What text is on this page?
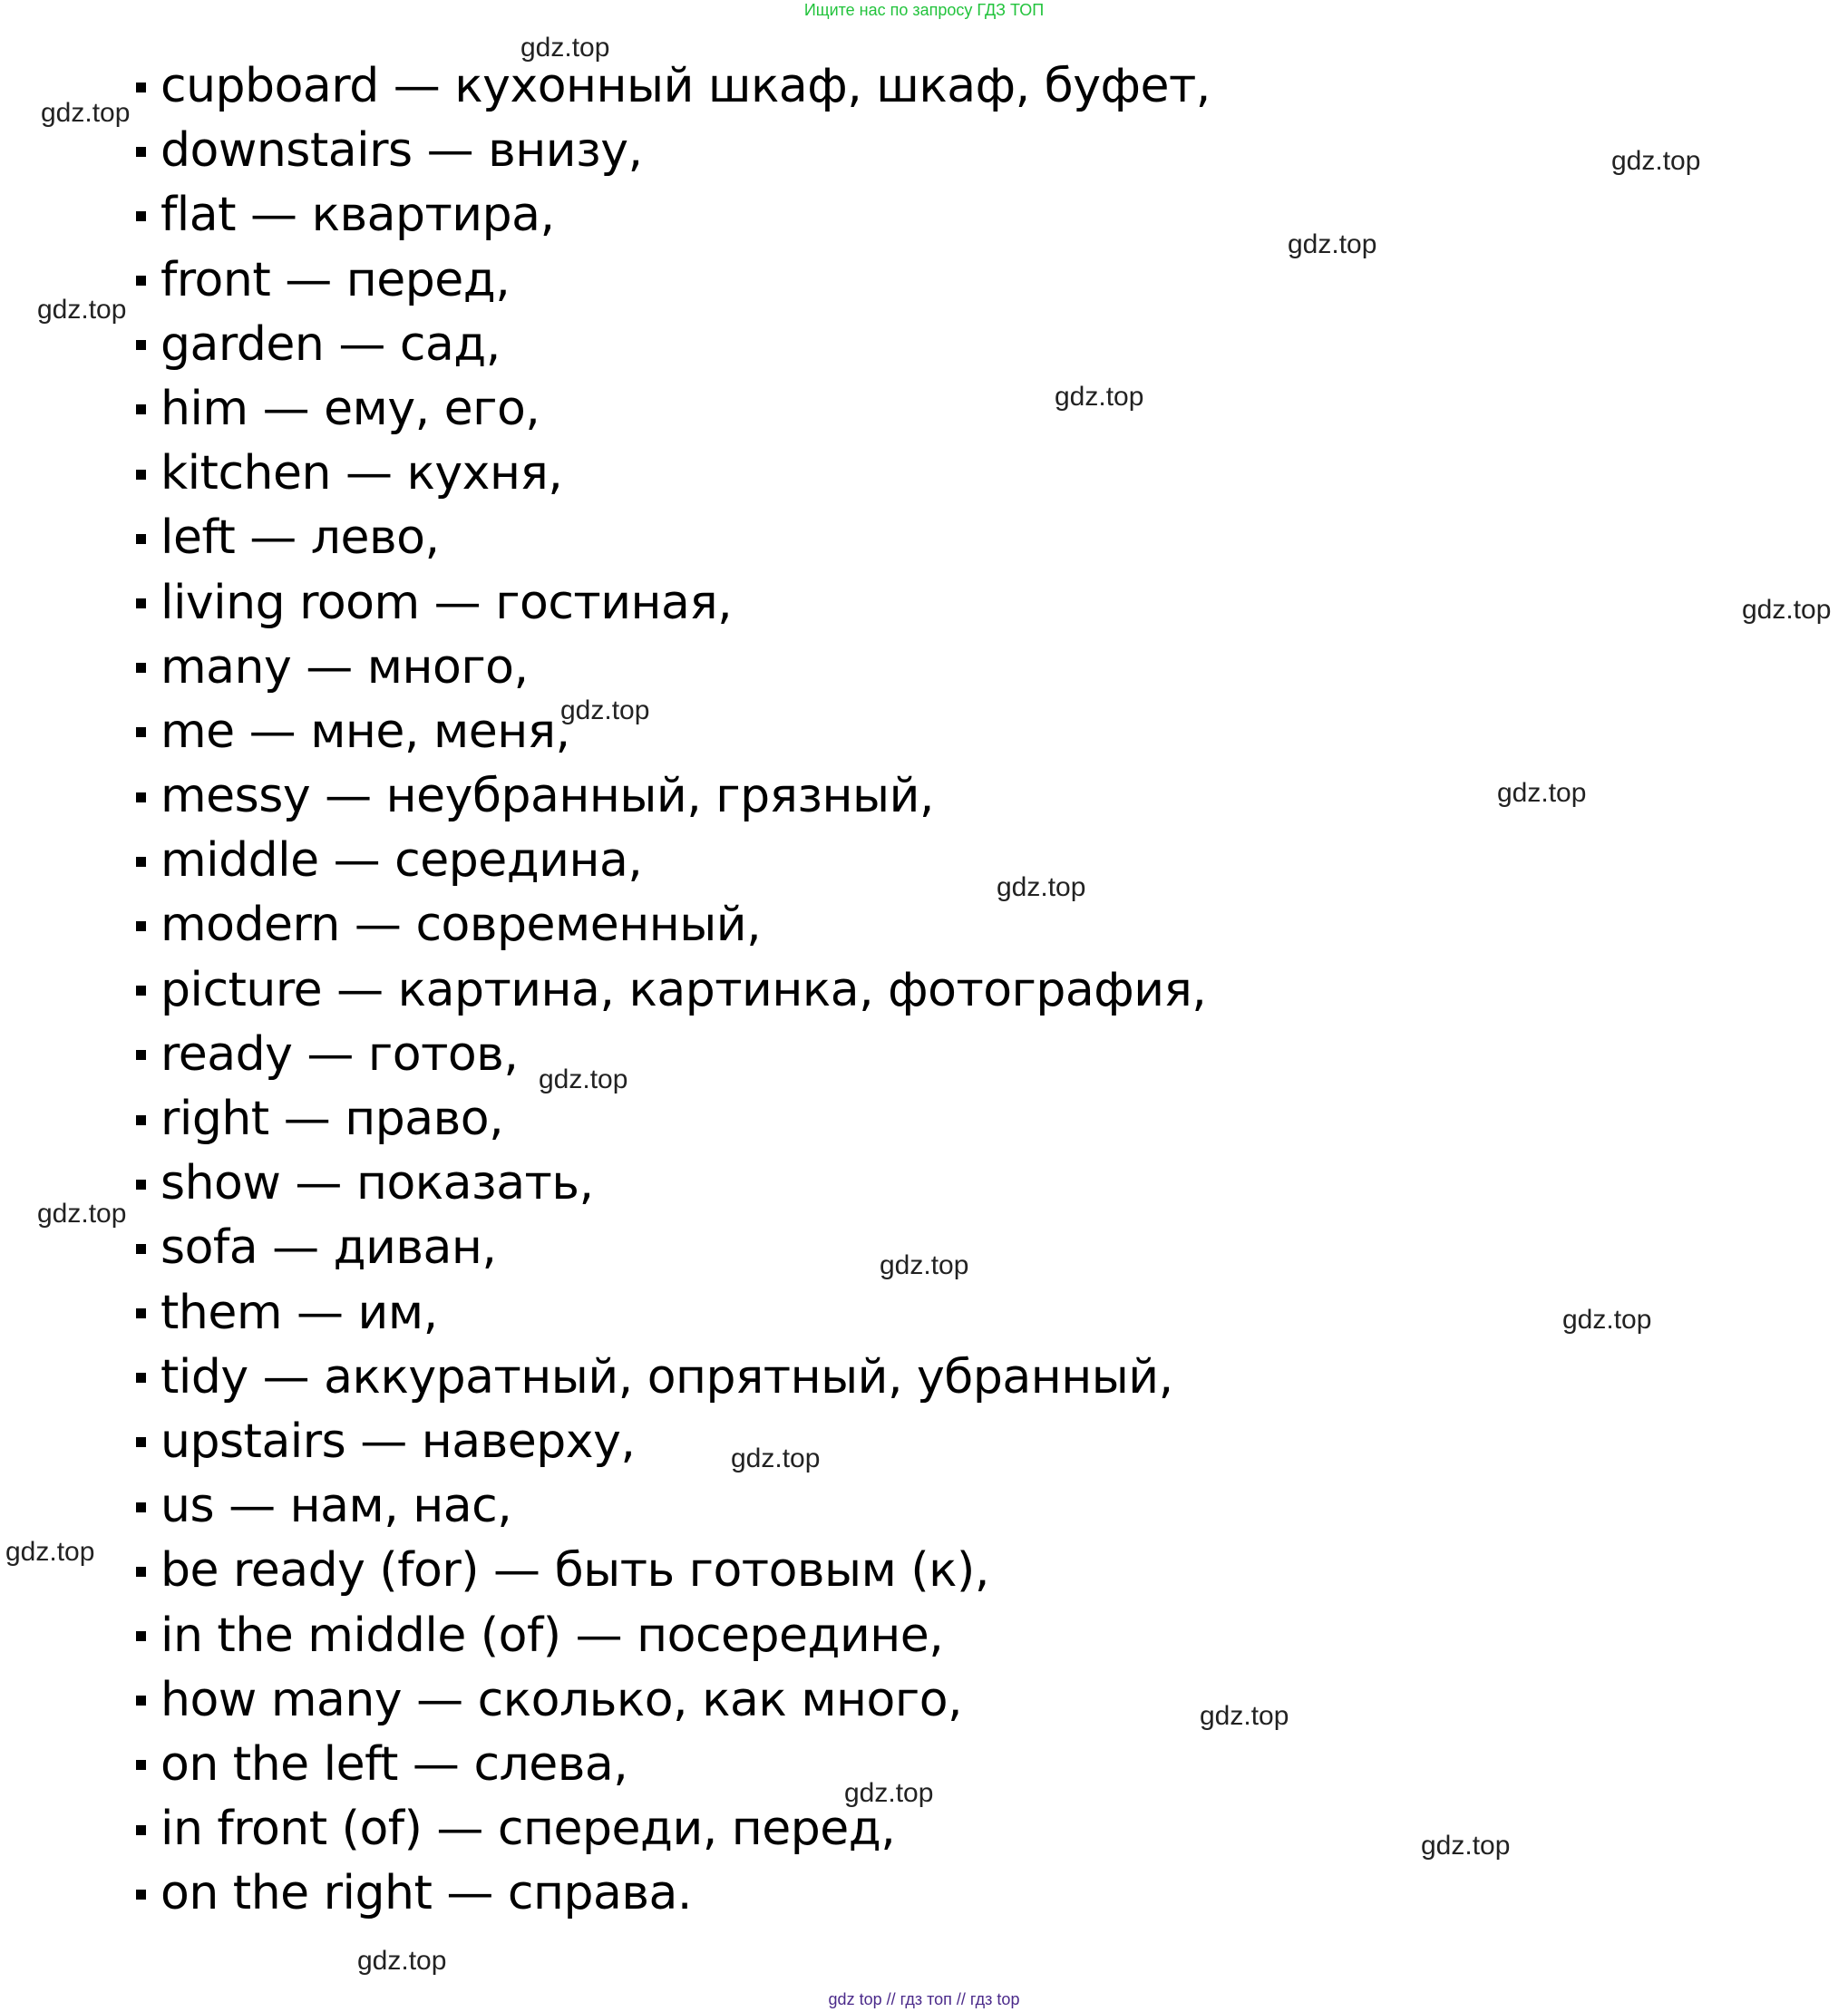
Ищите нас по запросу ГДЗ ТОП
cupboard — кухонный шкаф, шкаф, буфет,
downstairs — внизу,
flat — квартира,
front — перед,
garden — сад,
him — ему, его,
kitchen — кухня,
left — лево,
living room — гостиная,
many — много,
me — мне, меня,
messy — неубранный, грязный,
middle — середина,
modern — современный,
picture — картина, картинка, фотография,
ready — готов,
right — право,
show — показать,
sofa — диван,
them — им,
tidy — аккуратный, опрятный, убранный,
upstairs — наверху,
us — нам, нас,
be ready (for) — быть готовым (к),
in the middle (of) — посередине,
how many — сколько, как много,
on the left — слева,
in front (of) — спереди, перед,
on the right — справа.
gdz.top
gdz.top
gdz.top
gdz.top
gdz.top
gdz.top
gdz.top
gdz.top
gdz.top
gdz.top
gdz.top
gdz.top
gdz.top
gdz.top
gdz.top
gdz.top
gdz.top
gdz.top
gdz.top
gdz.top
gdz top // гдз топ // гдз top
